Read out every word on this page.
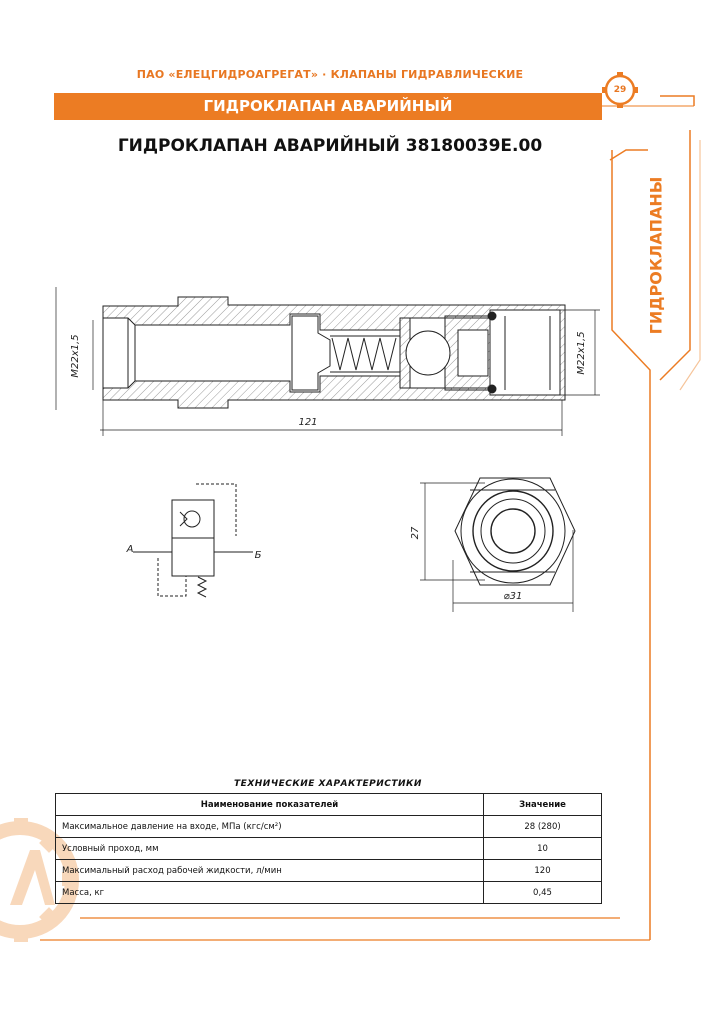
ПАО «ЕЛЕЦГИДРОАГРЕГАТ» · КЛАПАНЫ ГИДРАВЛИЧЕСКИЕ
ГИДРОКЛАПАН АВАРИЙНЫЙ
29
ГИДРОКЛАПАНЫ
ГИДРОКЛАПАН АВАРИЙНЫЙ 38180039Е.00
M22x1,5	M22x1,5
121
А
Б
27
⌀31
ТЕХНИЧЕСКИЕ ХАРАКТЕРИСТИКИ
Наименование показателей	Значение
Максимальное давление на входе, МПа (кгс/см²)	28 (280)
Условный проход, мм	10
Максимальный расход рабочей жидкости, л/мин	120
Масса, кг	0,45
